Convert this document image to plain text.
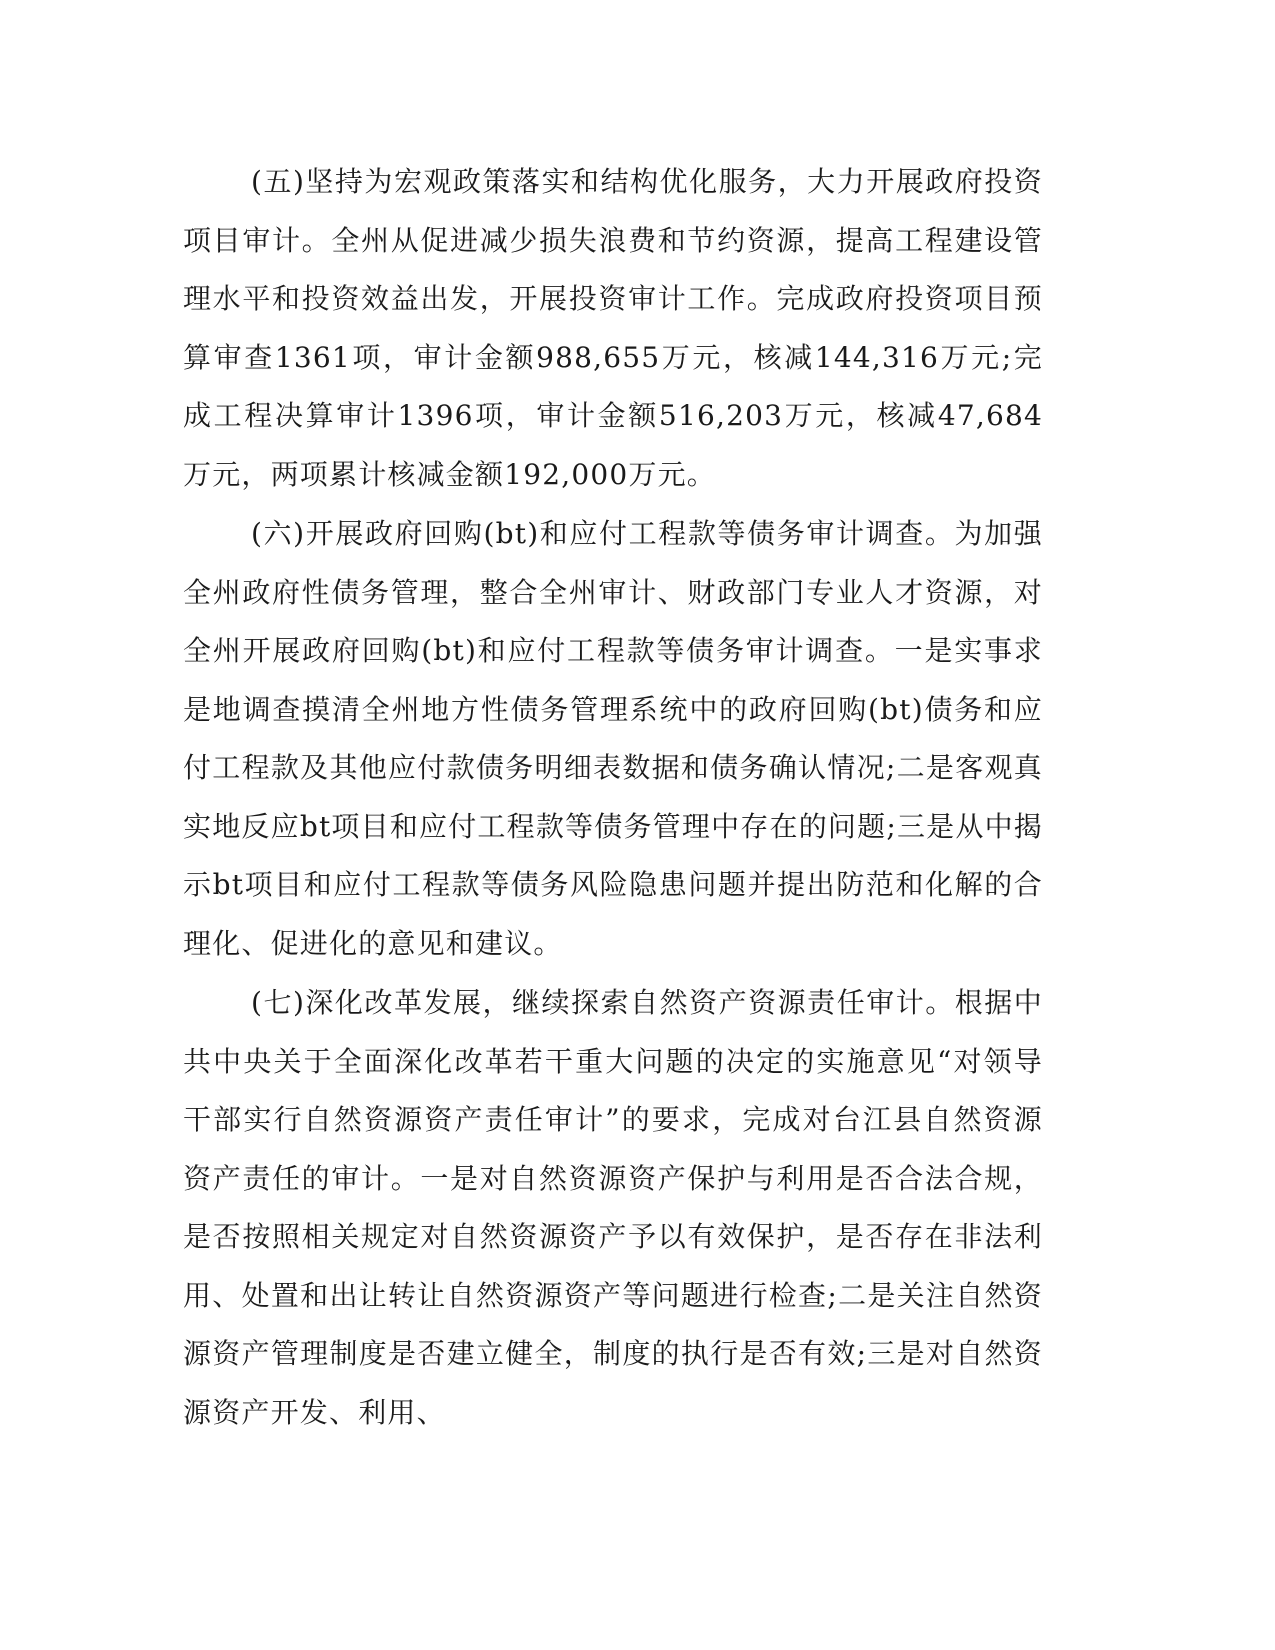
(五)坚持为宏观政策落实和结构优化服务，大力开展政府投资项目审计。全州从促进减少损失浪费和节约资源，提高工程建设管理水平和投资效益出发，开展投资审计工作。完成政府投资项目预算审查1361项，审计金额988,655万元，核减144,316万元;完成工程决算审计1396项，审计金额516,203万元，核减47,684万元，两项累计核减金额192,000万元。

(六)开展政府回购(bt)和应付工程款等债务审计调查。为加强全州政府性债务管理，整合全州审计、财政部门专业人才资源，对全州开展政府回购(bt)和应付工程款等债务审计调查。一是实事求是地调查摸清全州地方性债务管理系统中的政府回购(bt)债务和应付工程款及其他应付款债务明细表数据和债务确认情况;二是客观真实地反应bt项目和应付工程款等债务管理中存在的问题;三是从中揭示bt项目和应付工程款等债务风险隐患问题并提出防范和化解的合理化、促进化的意见和建议。

(七)深化改革发展，继续探索自然资产资源责任审计。根据中共中央关于全面深化改革若干重大问题的决定的实施意见“对领导干部实行自然资源资产责任审计”的要求，完成对台江县自然资源资产责任的审计。一是对自然资源资产保护与利用是否合法合规，是否按照相关规定对自然资源资产予以有效保护，是否存在非法利用、处置和出让转让自然资源资产等问题进行检查;二是关注自然资源资产管理制度是否建立健全，制度的执行是否有效;三是对自然资源资产开发、利用、
